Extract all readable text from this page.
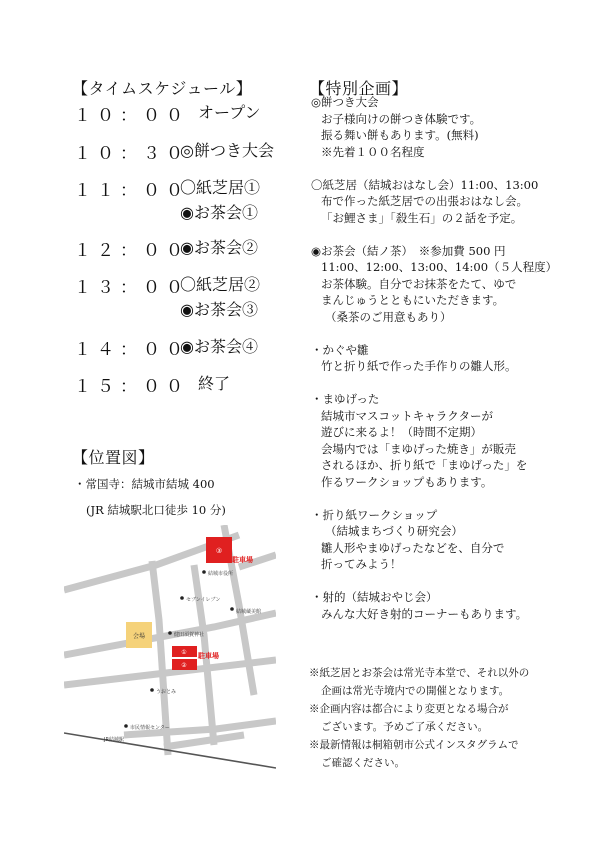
【タイムスケジュール】
１０：００ オープン
１０：３０
◎餅つき大会
１１：００
〇紙芝居①
◉お茶会①
１２：００
◉お茶会②
１３：００
〇紙芝居②
◉お茶会③
１４：００
◉お茶会④
１５：００ 終了
【位置図】
・常国寺：結城市結城 400
(JR 結城駅北口徒歩 10 分)
JR結城駅
③
駐車場
会場
①
②
駐車場
結城市役所
セブンイレブン
結城蔵美館
健田須賀神社
うおとみ
市民情報センター
【特別企画】
◎餅つき大会
お子様向けの餅つき体験です。
振る舞い餅もあります。(無料)
※先着１００名程度
〇紙芝居（結城おはなし会）11:00、13:00
布で作った紙芝居での出張おはなし会。
「お鯉さま」「殺生石」の２話を予定。
◉お茶会（結ノ茶）　※参加費 500 円
11:00、12:00、13:00、14:00（５人程度）
お茶体験。自分でお抹茶をたて、ゆで
まんじゅうとともにいただきます。
（桑茶のご用意もあり）
・かぐや雛
竹と折り紙で作った手作りの雛人形。
・まゆげった
結城市マスコットキャラクターが
遊びに来るよ！（時間不定期）
会場内では「まゆげった焼き」が販売
されるほか、折り紙で「まゆげった」を
作るワークショップもあります。
・折り紙ワークショップ
（結城まちづくり研究会）
雛人形やまゆげったなどを、自分で
折ってみよう！
・射的（結城おやじ会）
みんな大好き射的コーナーもあります。
※紙芝居とお茶会は常光寺本堂で、それ以外の
企画は常光寺境内での開催となります。
※企画内容は都合により変更となる場合が
ございます。予めご了承ください。
※最新情報は桐箱朝市公式インスタグラムで
ご確認ください。
